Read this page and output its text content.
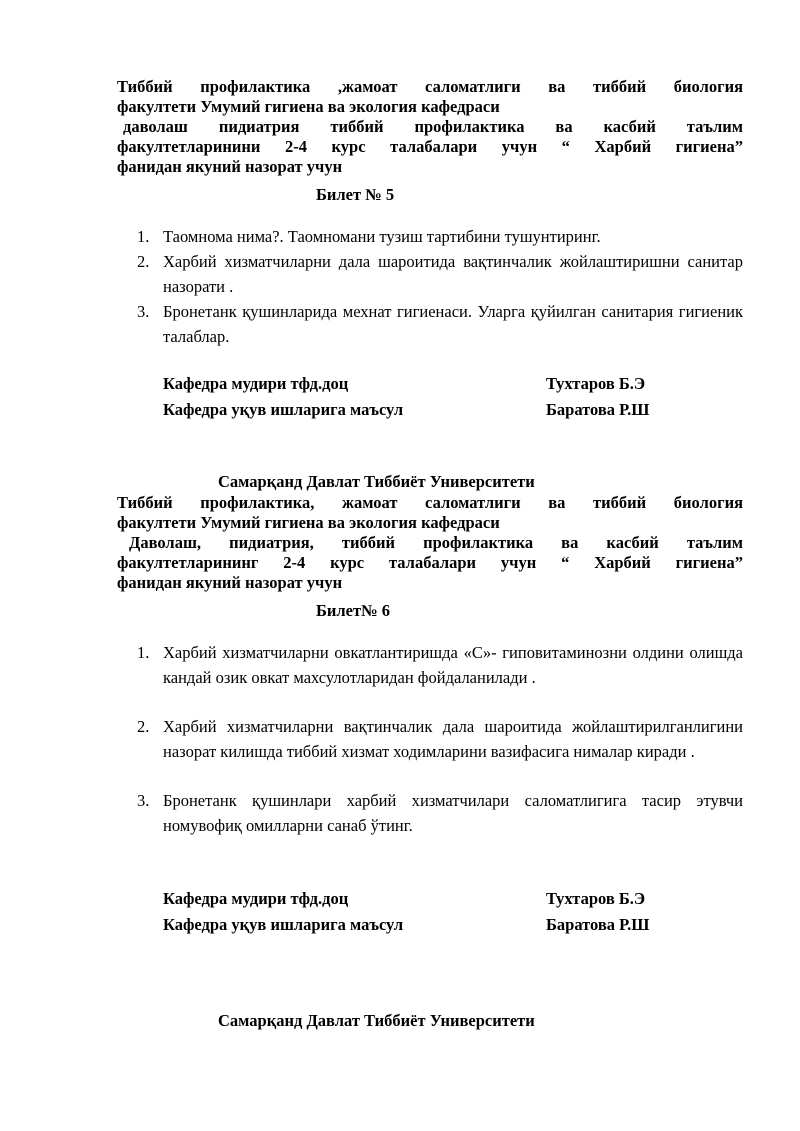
Тиббий профилактика ,жамоат саломатлиги ва тиббий биология
факултети Умумий гигиена ва экология кафедраси
даволаш пидиатрия тиббий профилактика ва касбий таълим
факултетларинини 2-4 курс талабалари учун “ Харбий гигиена”
фанидан якуний назорат учун
Билет № 5
1. Таомнома нима?. Таомномани тузиш тартибини тушунтиринг.
2. Харбий хизматчиларни дала шароитида вақтинчалик жойлаштиришни санитар назорати .
3. Бронетанк қушинларида мехнат гигиенаси. Уларга қуйилган санитария гигиеник талаблар.
Кафедра мудири тфд.доц	Тухтаров Б.Э
Кафедра уқув ишларига маъсул	Баратова Р.Ш
Самарқанд Давлат Тиббиёт Университети
Тиббий профилактика, жамоат саломатлиги ва тиббий биология
факултети Умумий гигиена ва экология кафедраси
Даволаш, пидиатрия, тиббий профилактика ва касбий таълим
факултетларининг 2-4 курс талабалари учун “ Харбий гигиена”
фанидан якуний назорат учун
Билет№ 6
1. Харбий хизматчиларни овкатлантиришда «С»- гиповитаминозни олдини олишда кандай озик овкат махсулотларидан фойдаланилади .
2. Харбий хизматчиларни вақтинчалик дала шароитида жойлаштирилганлигини назорат килишда тиббий хизмат ходимларини вазифасига нималар киради .
3. Бронетанк қушинлари харбий хизматчилари саломатлигига тасир этувчи номувофиқ омилларни санаб ўтинг.
Кафедра мудири тфд.доц	Тухтаров Б.Э
Кафедра уқув ишларига маъсул	Баратова Р.Ш
Самарқанд Давлат Тиббиёт Университети
